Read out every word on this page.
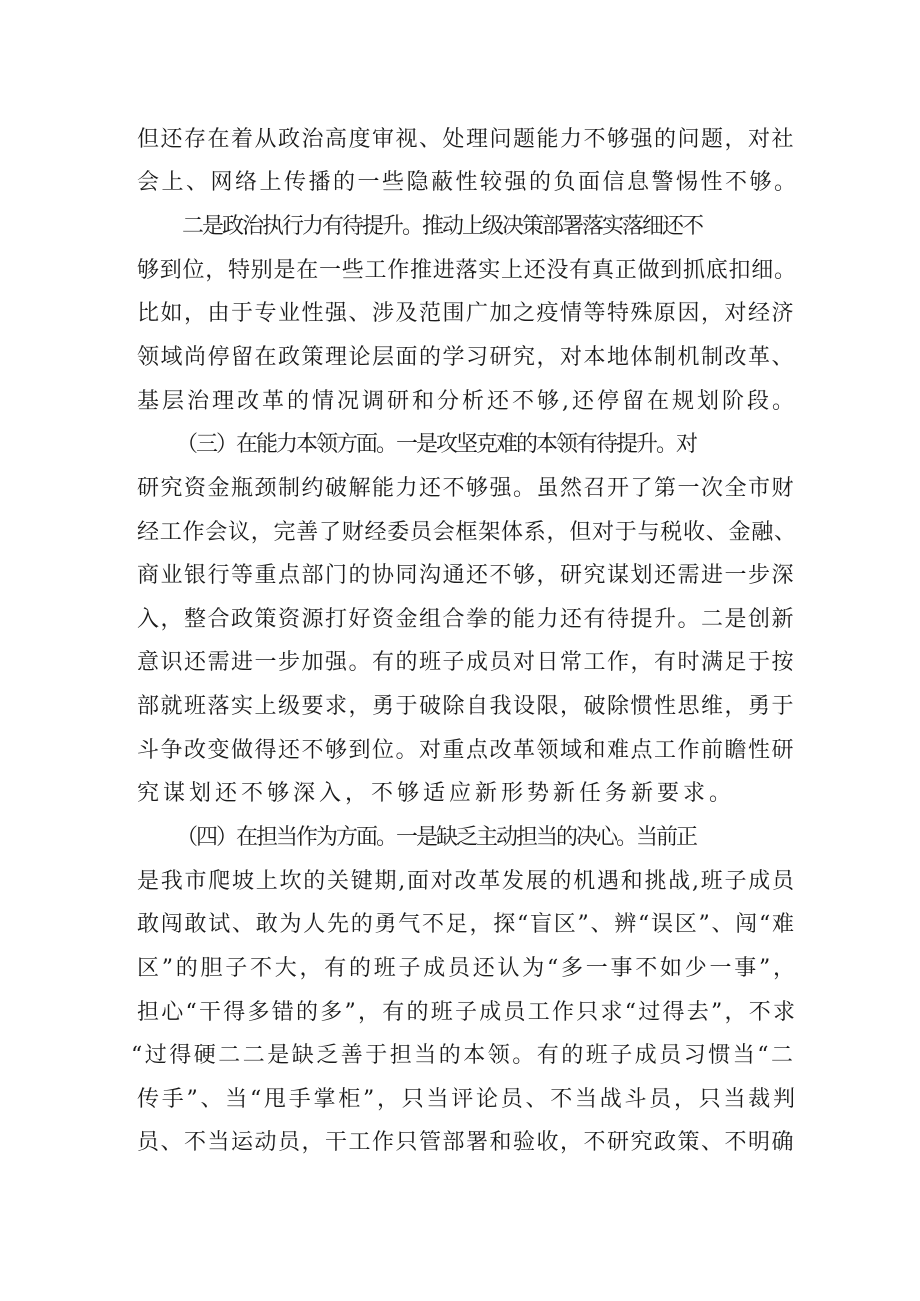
但还存在着从政治高度审视、处理问题能力不够强的问题，对社
会上、网络上传播的一些隐蔽性较强的负面信息警惕性不够。
二是政治执行力有待提升。推动上级决策部署落实落细还不
够到位，特别是在一些工作推进落实上还没有真正做到抓底扣细。
比如，由于专业性强、涉及范围广加之疫情等特殊原因，对经济
领域尚停留在政策理论层面的学习研究，对本地体制机制改革、
基层治理改革的情况调研和分析还不够,还停留在规划阶段。
（三）在能力本领方面。一是攻坚克难的本领有待提升。对
研究资金瓶颈制约破解能力还不够强。虽然召开了第一次全市财
经工作会议，完善了财经委员会框架体系，但对于与税收、金融、
商业银行等重点部门的协同沟通还不够，研究谋划还需进一步深
入，整合政策资源打好资金组合拳的能力还有待提升。二是创新
意识还需进一步加强。有的班子成员对日常工作，有时满足于按
部就班落实上级要求，勇于破除自我设限，破除惯性思维，勇于
斗争改变做得还不够到位。对重点改革领域和难点工作前瞻性研
究谋划还不够深入，不够适应新形势新任务新要求。
（四）在担当作为方面。一是缺乏主动担当的决心。当前正
是我市爬坡上坎的关键期,面对改革发展的机遇和挑战,班子成员
敢闯敢试、敢为人先的勇气不足，探“盲区”、辨“误区”、闯“难
区”的胆子不大，有的班子成员还认为“多一事不如少一事”，
担心“干得多错的多”，有的班子成员工作只求“过得去”，不求
“过得硬二二是缺乏善于担当的本领。有的班子成员习惯当“二
传手”、当“甩手掌柜”，只当评论员、不当战斗员，只当裁判
员、不当运动员，干工作只管部署和验收，不研究政策、不明确
